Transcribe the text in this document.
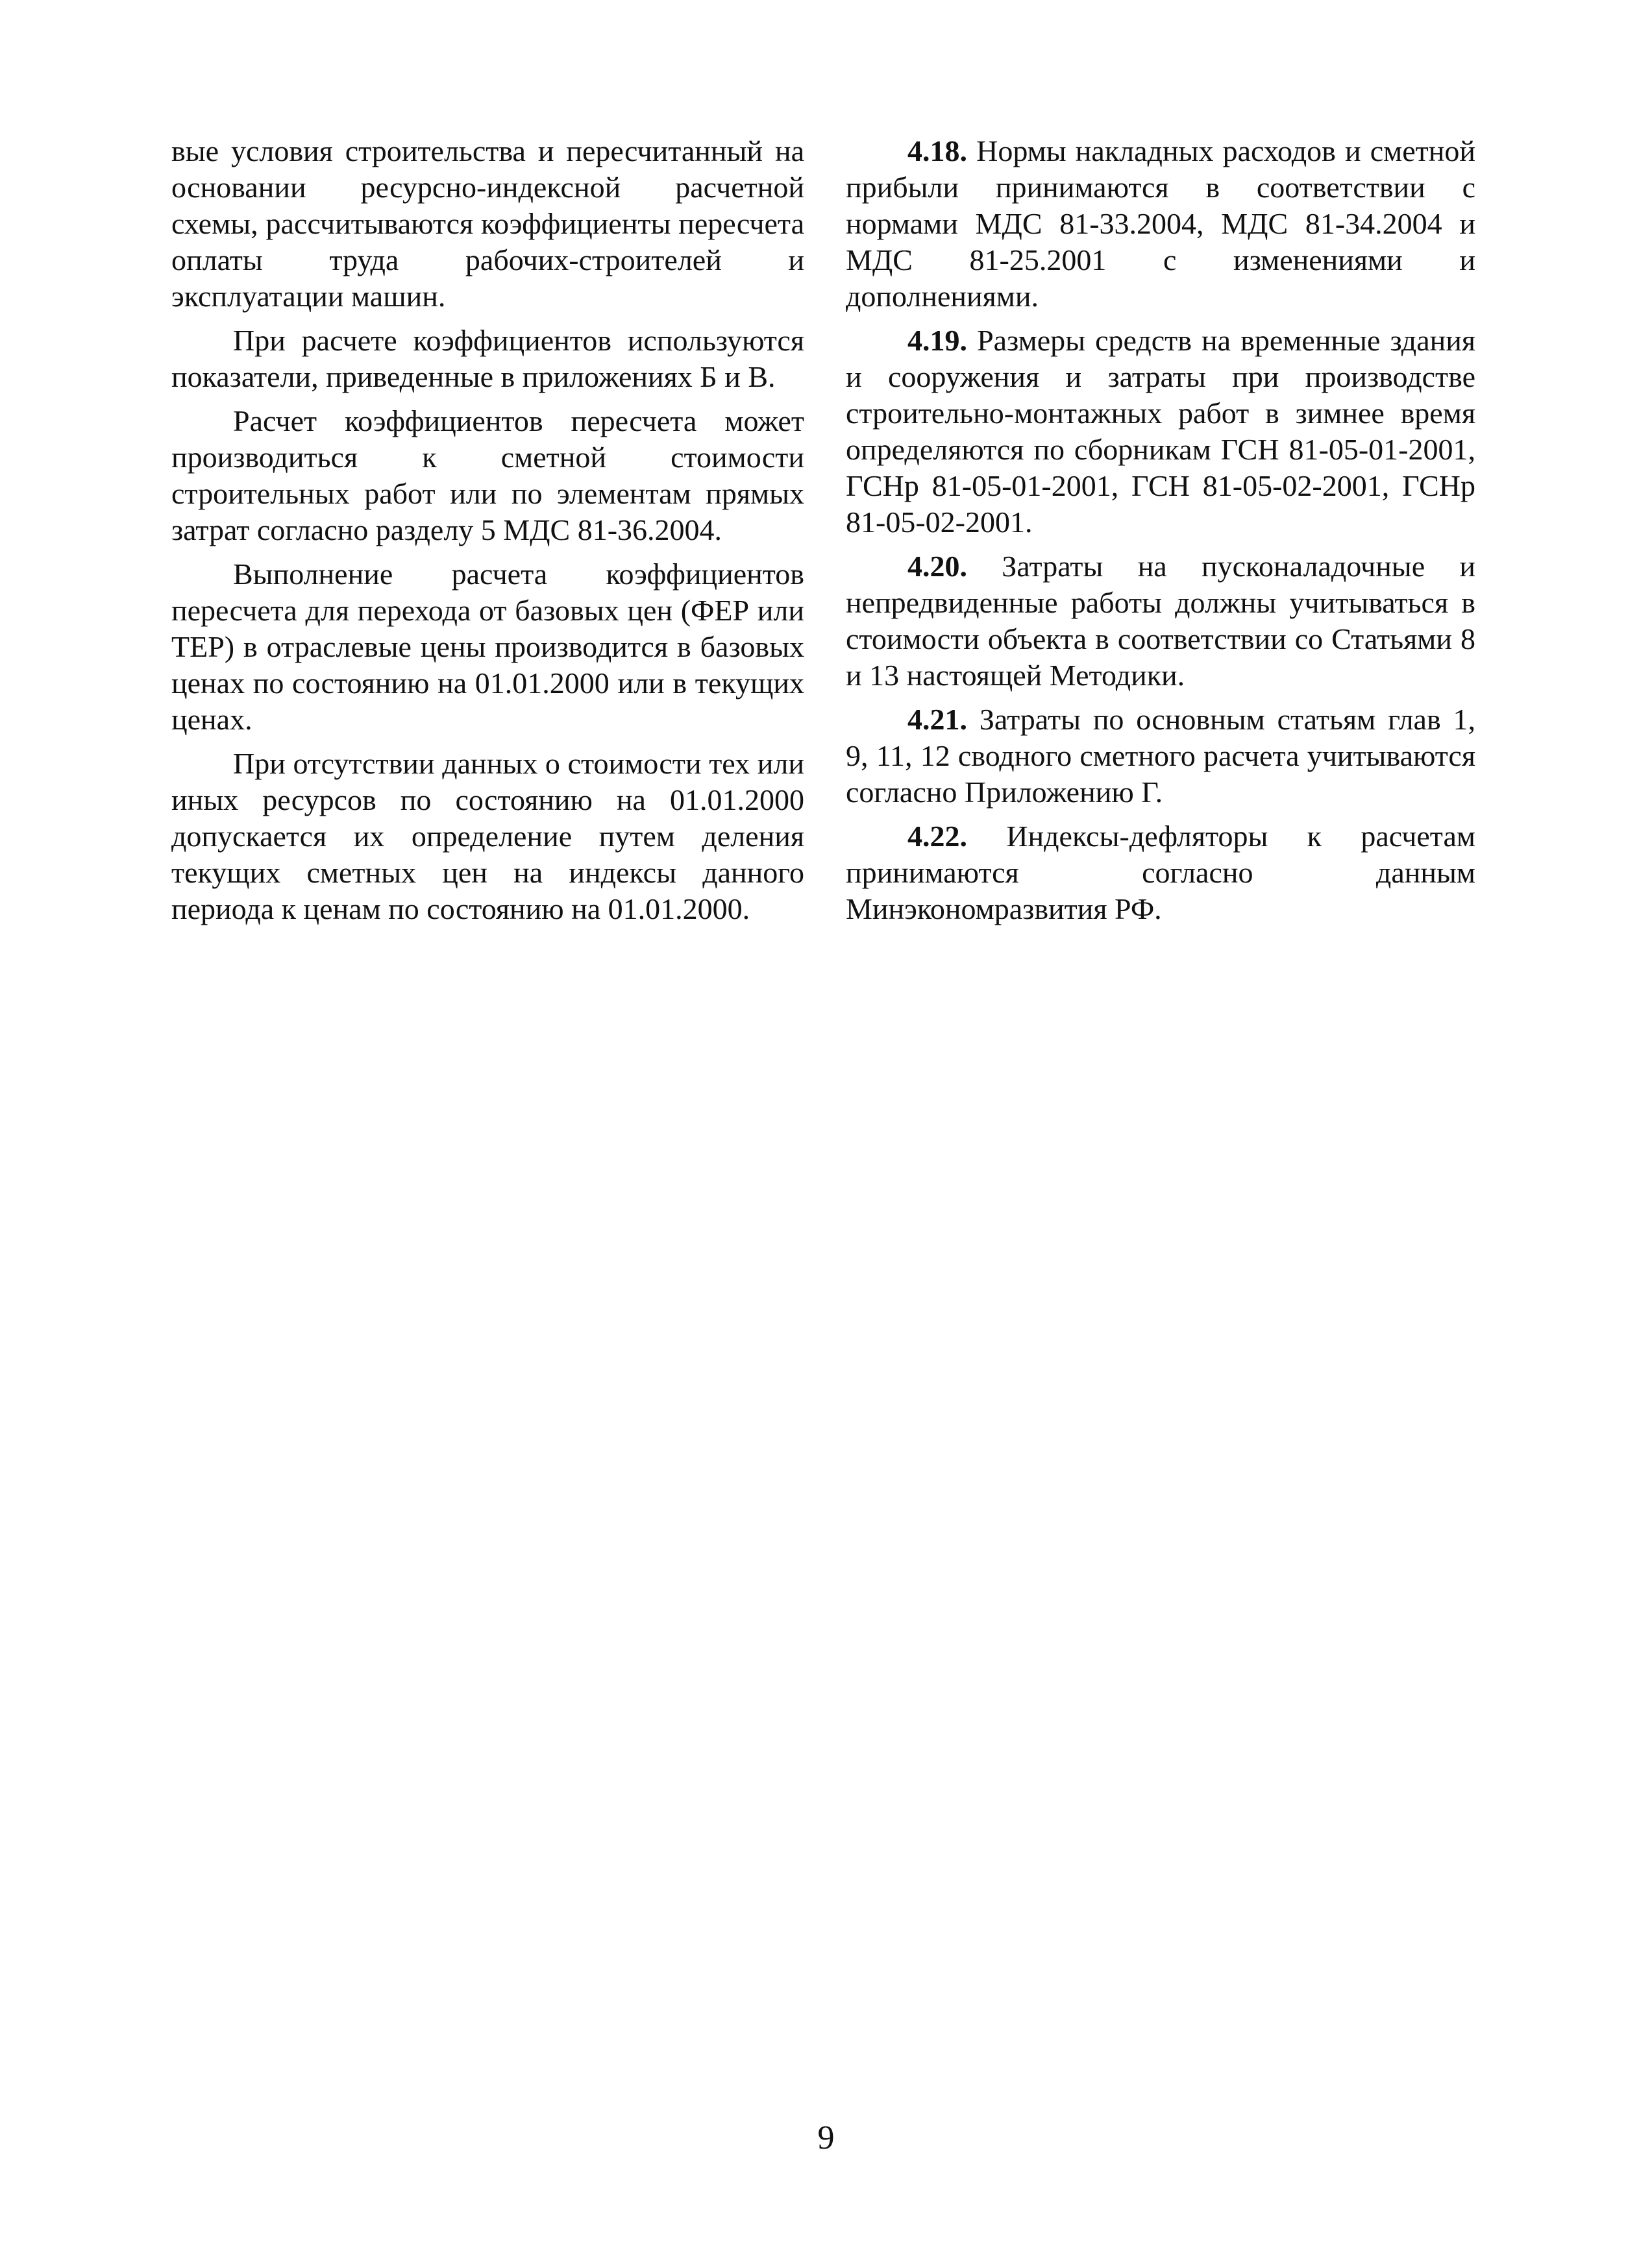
вые условия строительства и пересчитанный на основании ресурсно-индексной расчетной схемы, рассчитываются коэффициенты пересчета оплаты труда рабочих-строителей и эксплуатации машин.

При расчете коэффициентов используются показатели, приведенные в приложениях Б и В.

Расчет коэффициентов пересчета может производиться к сметной стоимости строительных работ или по элементам прямых затрат согласно разделу 5 МДС 81-36.2004.

Выполнение расчета коэффициентов пересчета для перехода от базовых цен (ФЕР или ТЕР) в отраслевые цены производится в базовых ценах по состоянию на 01.01.2000 или в текущих ценах.

При отсутствии данных о стоимости тех или иных ресурсов по состоянию на 01.01.2000 допускается их определение путем деления текущих сметных цен на индексы данного периода к ценам по состоянию на 01.01.2000.

4.18. Нормы накладных расходов и сметной прибыли принимаются в соответствии с нормами МДС 81-33.2004, МДС 81-34.2004 и МДС 81-25.2001 с изменениями и дополнениями.

4.19. Размеры средств на временные здания и сооружения и затраты при производстве строительно-монтажных работ в зимнее время определяются по сборникам ГСН 81-05-01-2001, ГСНр 81-05-01-2001, ГСН 81-05-02-2001, ГСНр 81-05-02-2001.

4.20. Затраты на пусконаладочные и непредвиденные работы должны учитываться в стоимости объекта в соответствии со Статьями 8 и 13 настоящей Методики.

4.21. Затраты по основным статьям глав 1, 9, 11, 12 сводного сметного расчета учитываются согласно Приложению Г.

4.22. Индексы-дефляторы к расчетам принимаются согласно данным Минэкономразвития РФ.

9
